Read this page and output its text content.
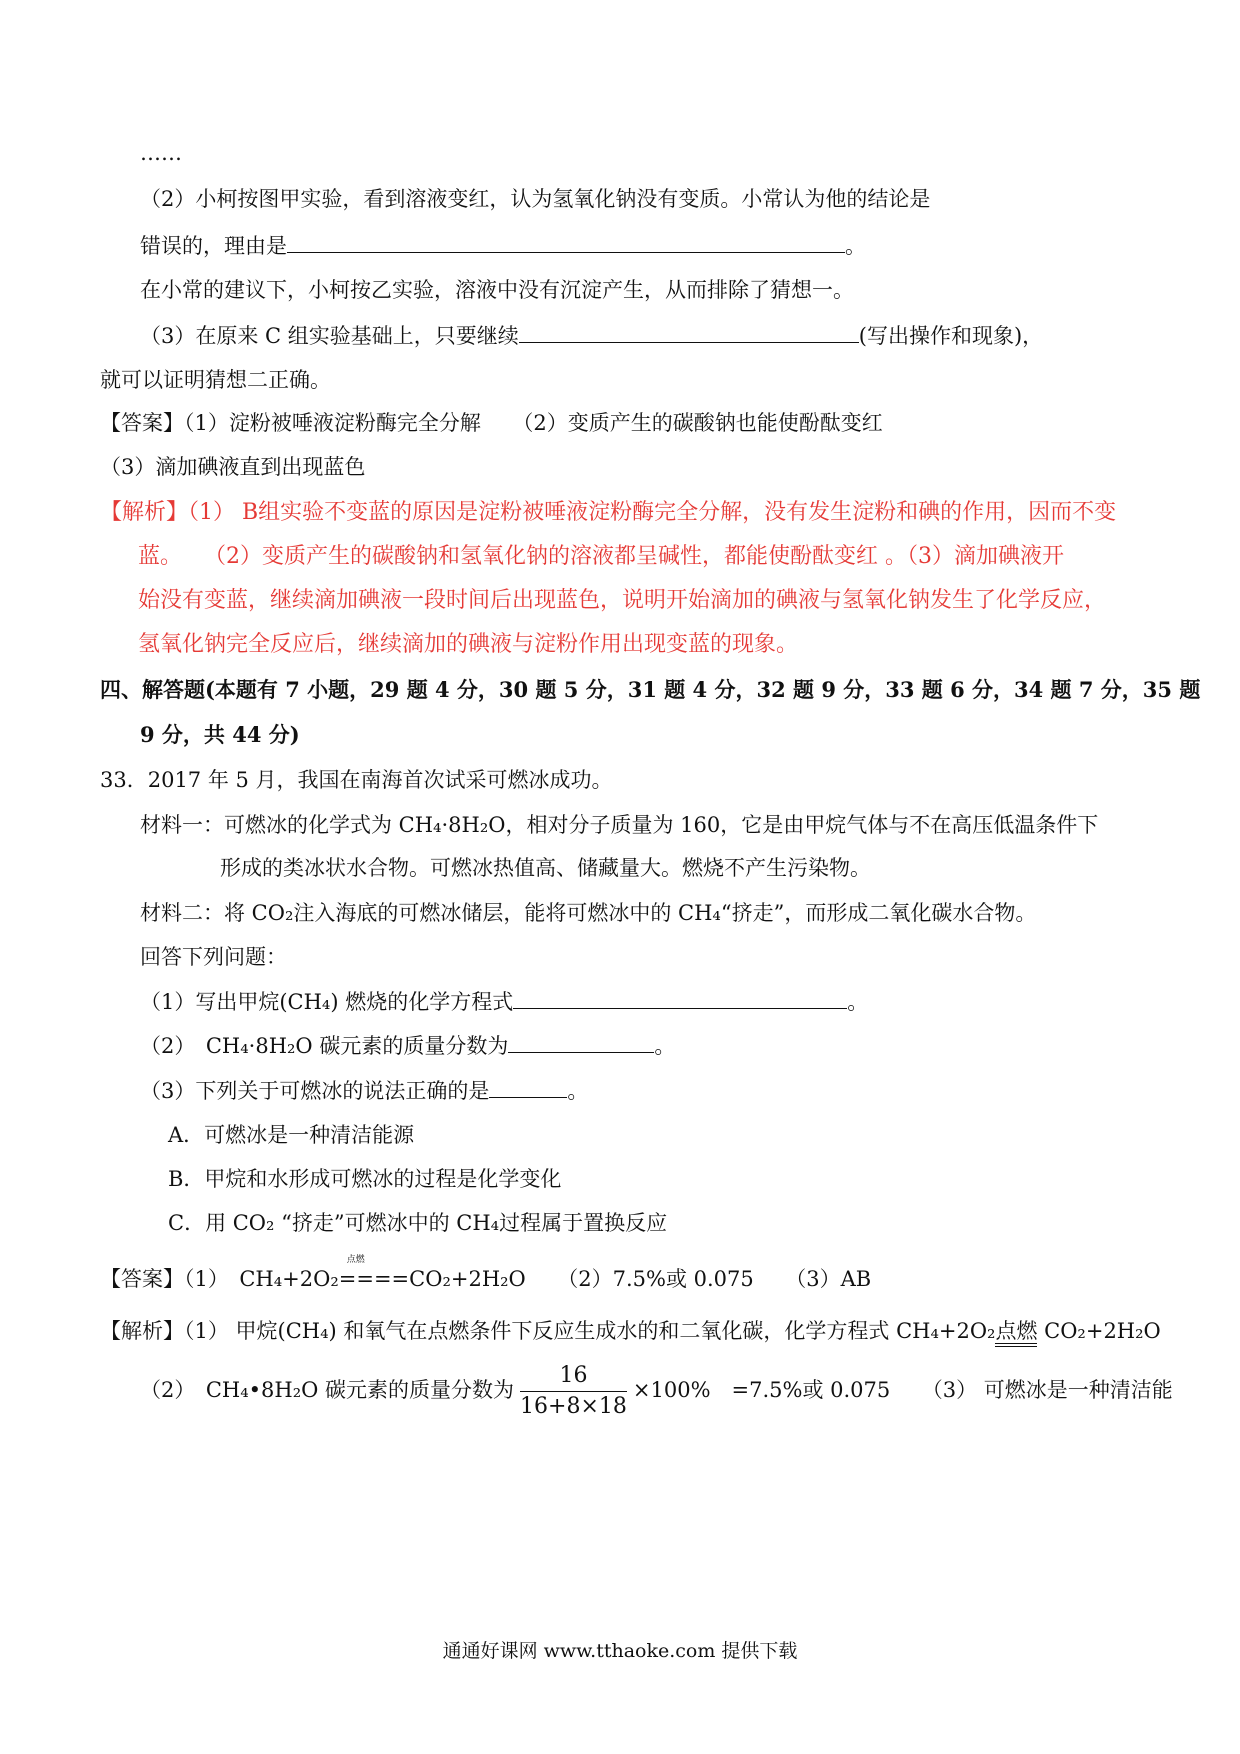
……
（2）小柯按图甲实验，看到溶液变红，认为氢氧化钠没有变质。小常认为他的结论是
错误的，理由是	。
在小常的建议下，小柯按乙实验，溶液中没有沉淀产生，从而排除了猜想一。
（3）在原来 C 组实验基础上，只要继续	(写出操作和现象)，
就可以证明猜想二正确。
【答案】（1）淀粉被唾液淀粉酶完全分解　　（2）变质产生的碳酸钠也能使酚酞变红
（3）滴加碘液直到出现蓝色
【解析】（1） B组实验不变蓝的原因是淀粉被唾液淀粉酶完全分解，没有发生淀粉和碘的作用，因而不变
蓝。　　（2）变质产生的碳酸钠和氢氧化钠的溶液都呈碱性，都能使酚酞变红 。（3）滴加碘液开
始没有变蓝，继续滴加碘液一段时间后出现蓝色，说明开始滴加的碘液与氢氧化钠发生了化学反应，
氢氧化钠完全反应后，继续滴加的碘液与淀粉作用出现变蓝的现象。
四、解答题(本题有 7 小题，29 题 4 分，30 题 5 分，31 题 4 分，32 题 9 分，33 题 6 分，34 题 7 分，35 题
9 分，共 44 分)
33．2017 年 5 月，我国在南海首次试采可燃冰成功。
材料一：可燃冰的化学式为 CH₄·8H₂O，相对分子质量为 160，它是由甲烷气体与不在高压低温条件下
形成的类冰状水合物。可燃冰热值高、储藏量大。燃烧不产生污染物。
材料二：将 CO₂注入海底的可燃冰储层，能将可燃冰中的 CH₄“挤走”，而形成二氧化碳水合物。
回答下列问题：
（1）写出甲烷(CH₄) 燃烧的化学方程式	。
（2）　CH₄·8H₂O 碳元素的质量分数为	。
（3）下列关于可燃冰的说法正确的是	。
A．可燃冰是一种清洁能源
B．甲烷和水形成可燃冰的过程是化学变化
C．用 CO₂ “挤走”可燃冰中的 CH₄过程属于置换反应
【答案】（1）　CH₄+2O₂
点燃
====CO₂+2H₂O　　（2）7.5%或 0.075　　（3）AB
【解析】（1） 甲烷(CH₄) 和氧气在点燃条件下反应生成水的和二氧化碳，化学方程式 CH₄+2O₂点燃 CO₂+2H₂O
（2）　CH₄•8H₂O 碳元素的质量分数为 $\frac{16}{16+8\times 18} \times 100\%$　=7.5%或 0.075　　（3） 可燃冰是一种清洁能
通通好课网 www.tthaoke.com 提供下载
